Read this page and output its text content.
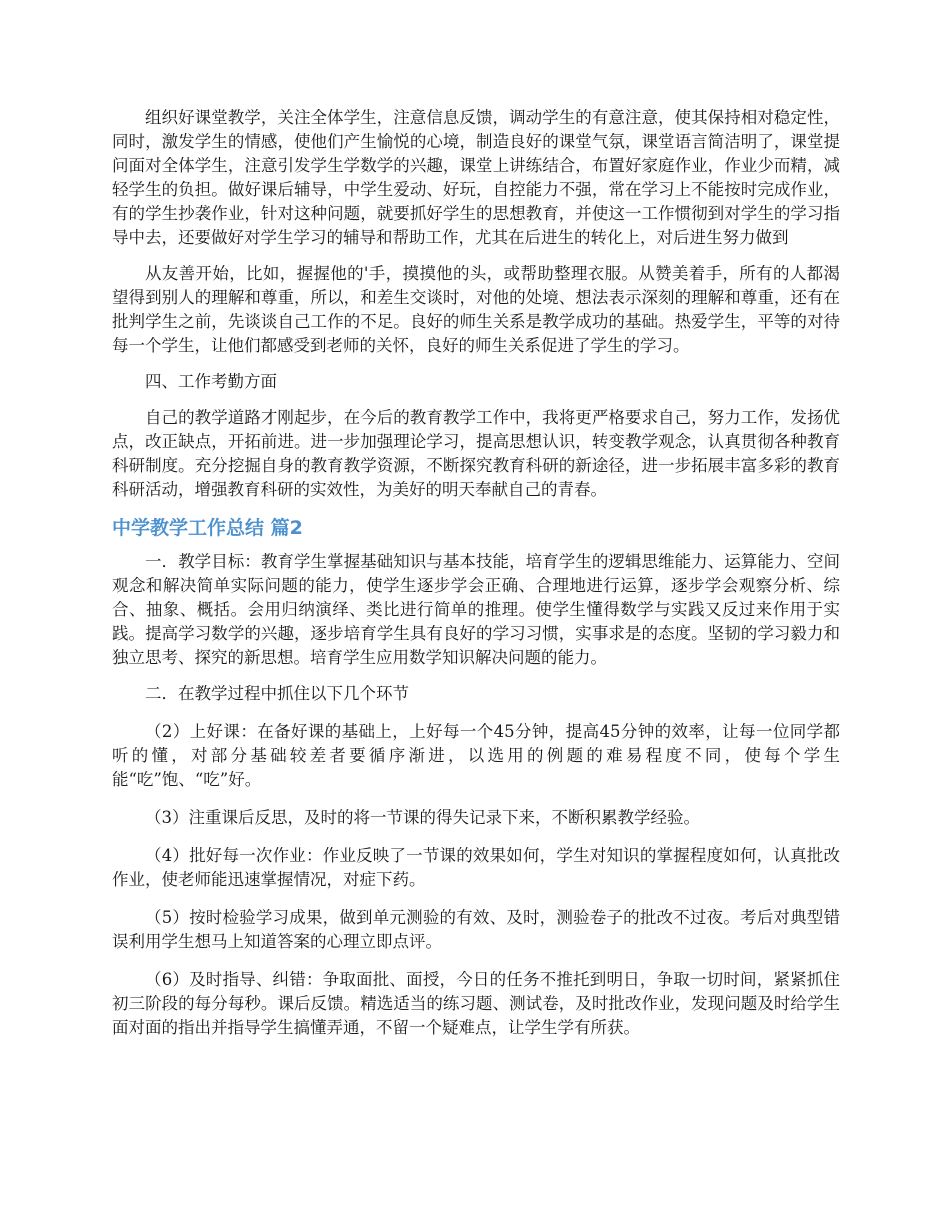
组织好课堂教学，关注全体学生，注意信息反馈，调动学生的有意注意，使其保持相对稳定性，同时，激发学生的情感，使他们产生愉悦的心境，制造良好的课堂气氛，课堂语言简洁明了，课堂提问面对全体学生，注意引发学生学数学的兴趣，课堂上讲练结合，布置好家庭作业，作业少而精，减轻学生的负担。做好课后辅导，中学生爱动、好玩，自控能力不强，常在学习上不能按时完成作业，有的学生抄袭作业，针对这种问题，就要抓好学生的思想教育，并使这一工作惯彻到对学生的学习指导中去，还要做好对学生学习的辅导和帮助工作，尤其在后进生的转化上，对后进生努力做到

从友善开始，比如，握握他的'手，摸摸他的头，或帮助整理衣服。从赞美着手，所有的人都渴望得到别人的理解和尊重，所以，和差生交谈时，对他的处境、想法表示深刻的理解和尊重，还有在批判学生之前，先谈谈自己工作的不足。良好的师生关系是教学成功的基础。热爱学生，平等的对待每一个学生，让他们都感受到老师的关怀，良好的师生关系促进了学生的学习。

四、工作考勤方面

自己的教学道路才刚起步，在今后的教育教学工作中，我将更严格要求自己，努力工作，发扬优点，改正缺点，开拓前进。进一步加强理论学习，提高思想认识，转变教学观念，认真贯彻各种教育科研制度。充分挖掘自身的教育教学资源，不断探究教育科研的新途径，进一步拓展丰富多彩的教育科研活动，增强教育科研的实效性，为美好的明天奉献自己的青春。

中学教学工作总结 篇2

一．教学目标：教育学生掌握基础知识与基本技能，培育学生的逻辑思维能力、运算能力、空间观念和解决简单实际问题的能力，使学生逐步学会正确、合理地进行运算，逐步学会观察分析、综合、抽象、概括。会用归纳演绎、类比进行简单的推理。使学生懂得数学与实践又反过来作用于实践。提高学习数学的兴趣，逐步培育学生具有良好的学习习惯，实事求是的态度。坚韧的学习毅力和独立思考、探究的新思想。培育学生应用数学知识解决问题的能力。

二．在教学过程中抓住以下几个环节

（2）上好课：在备好课的基础上，上好每一个45分钟，提高45分钟的效率，让每一位同学都听的懂，对部分基础较差者要循序渐进，以选用的例题的难易程度不同，使每个学生能“吃”饱、“吃”好。

（3）注重课后反思，及时的将一节课的得失记录下来，不断积累教学经验。

（4）批好每一次作业：作业反映了一节课的效果如何，学生对知识的掌握程度如何，认真批改作业，使老师能迅速掌握情况，对症下药。

（5）按时检验学习成果，做到单元测验的有效、及时，测验卷子的批改不过夜。考后对典型错误利用学生想马上知道答案的心理立即点评。

（6）及时指导、纠错：争取面批、面授，今日的任务不推托到明日，争取一切时间，紧紧抓住初三阶段的每分每秒。课后反馈。精选适当的练习题、测试卷，及时批改作业，发现问题及时给学生面对面的指出并指导学生搞懂弄通，不留一个疑难点，让学生学有所获。
